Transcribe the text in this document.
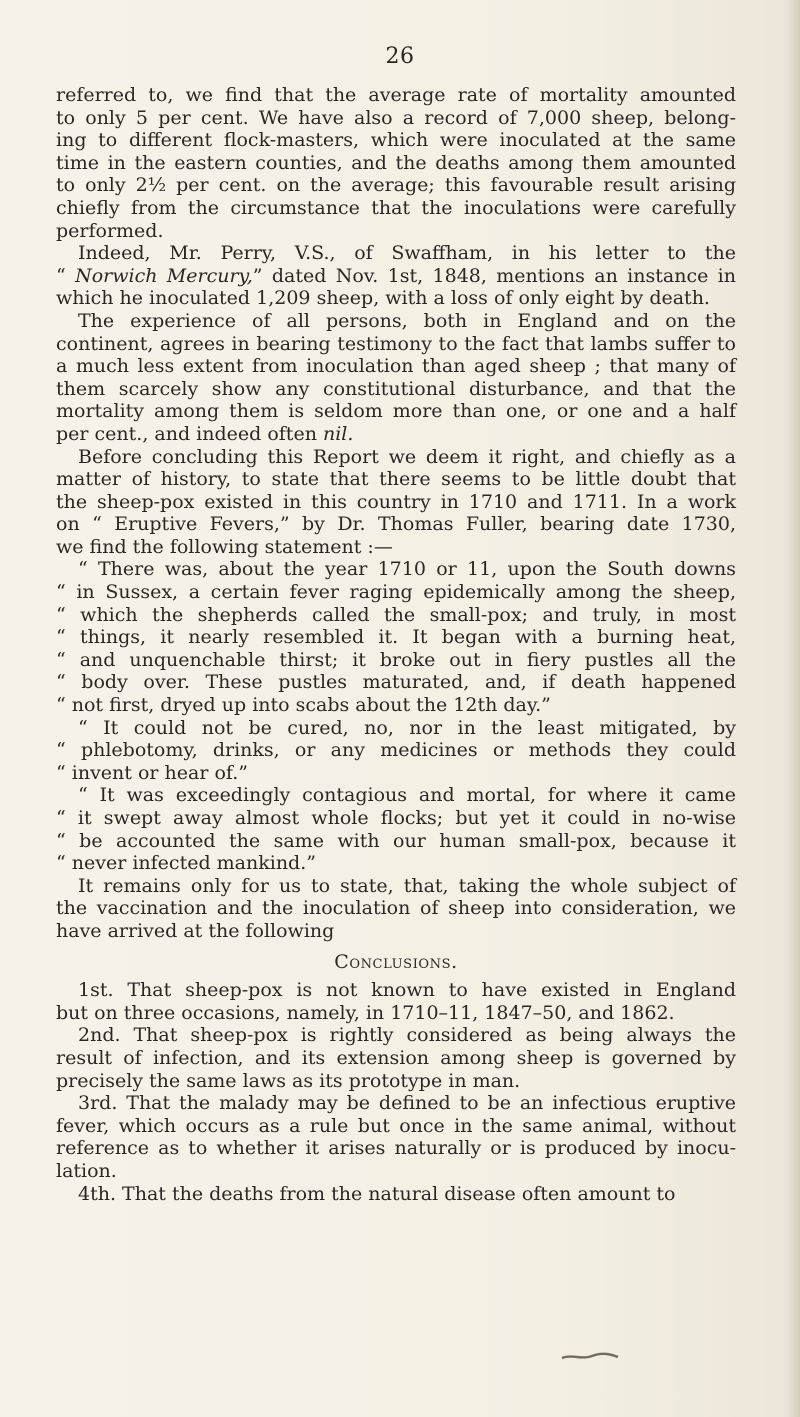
26
referred to, we find that the average rate of mortality amounted
to only 5 per cent. We have also a record of 7,000 sheep, belong-
ing to different flock-masters, which were inoculated at the same
time in the eastern counties, and the deaths among them amounted
to only 2½ per cent. on the average; this favourable result arising
chiefly from the circumstance that the inoculations were carefully
performed.
Indeed, Mr. Perry, V.S., of Swaffham, in his letter to the
“ Norwich Mercury,” dated Nov. 1st, 1848, mentions an instance in
which he inoculated 1,209 sheep, with a loss of only eight by death.
The experience of all persons, both in England and on the
continent, agrees in bearing testimony to the fact that lambs suffer to
a much less extent from inoculation than aged sheep ; that many of
them scarcely show any constitutional disturbance, and that the
mortality among them is seldom more than one, or one and a half
per cent., and indeed often nil.
Before concluding this Report we deem it right, and chiefly as a
matter of history, to state that there seems to be little doubt that
the sheep-pox existed in this country in 1710 and 1711. In a work
on “ Eruptive Fevers,” by Dr. Thomas Fuller, bearing date 1730,
we find the following statement :—
“ There was, about the year 1710 or 11, upon the South downs
“ in Sussex, a certain fever raging epidemically among the sheep,
“ which the shepherds called the small-pox; and truly, in most
“ things, it nearly resembled it. It began with a burning heat,
“ and unquenchable thirst; it broke out in fiery pustles all the
“ body over. These pustles maturated, and, if death happened
“ not first, dryed up into scabs about the 12th day.”
“ It could not be cured, no, nor in the least mitigated, by
“ phlebotomy, drinks, or any medicines or methods they could
“ invent or hear of.”
“ It was exceedingly contagious and mortal, for where it came
“ it swept away almost whole flocks; but yet it could in no-wise
“ be accounted the same with our human small-pox, because it
“ never infected mankind.”
It remains only for us to state, that, taking the whole subject of
the vaccination and the inoculation of sheep into consideration, we
have arrived at the following
Conclusions.
1st. That sheep-pox is not known to have existed in England
but on three occasions, namely, in 1710–11, 1847–50, and 1862.
2nd. That sheep-pox is rightly considered as being always the
result of infection, and its extension among sheep is governed by
precisely the same laws as its prototype in man.
3rd. That the malady may be defined to be an infectious eruptive
fever, which occurs as a rule but once in the same animal, without
reference as to whether it arises naturally or is produced by inocu-
lation.
4th. That the deaths from the natural disease often amount to
